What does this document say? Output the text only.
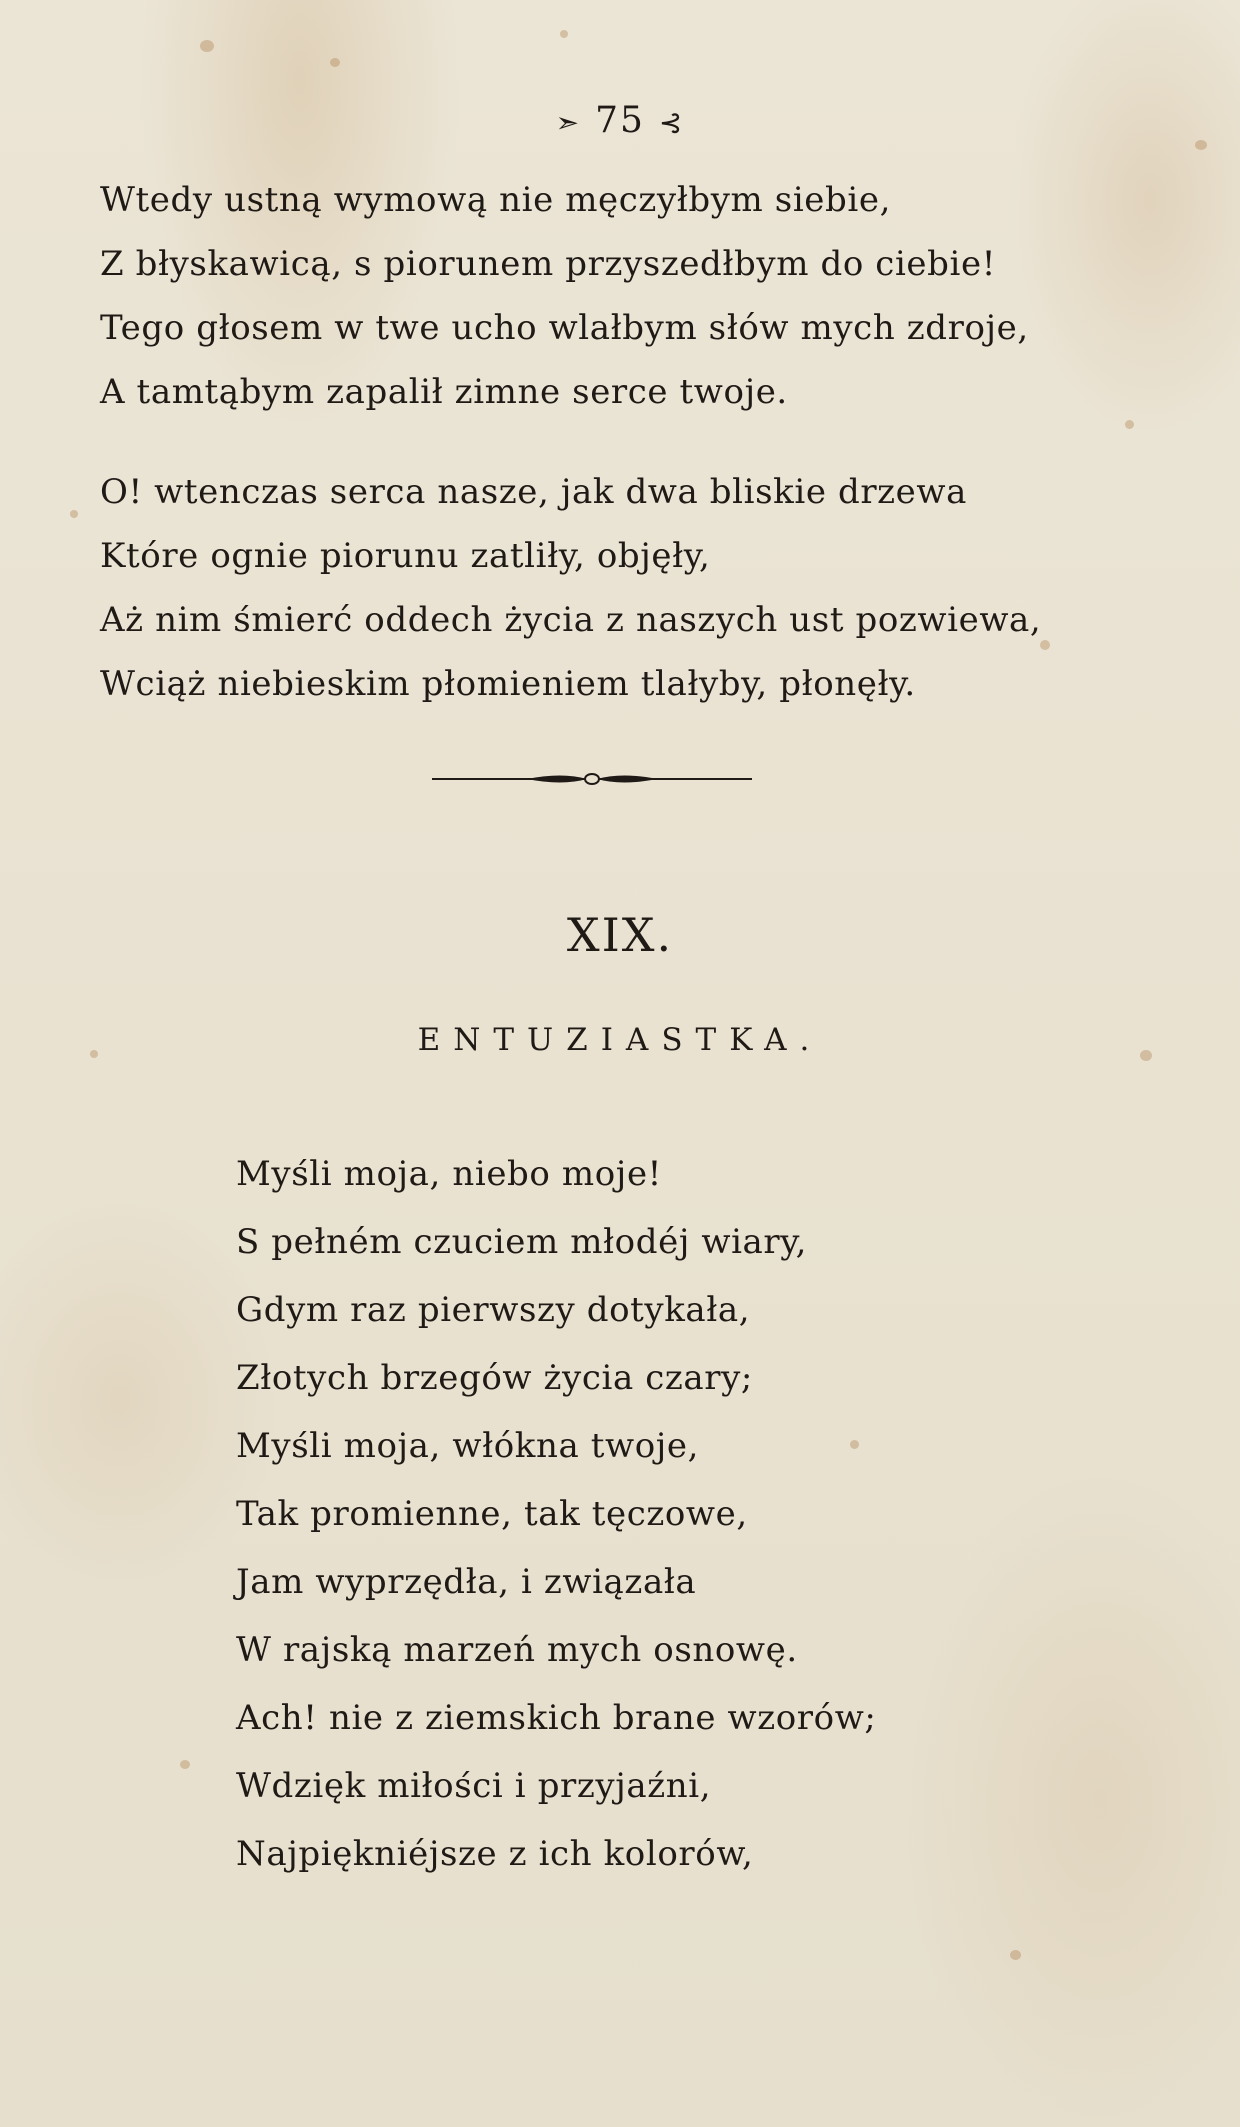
➣ 75 ⊰
Wtedy ustną wymową nie męczyłbym siebie,
Z błyskawicą, s piorunem przyszedłbym do ciebie!
Tego głosem w twe ucho wlałbym słów mych zdroje,
A tamtąbym zapalił zimne serce twoje.
O! wtenczas serca nasze, jak dwa bliskie drzewa
Które ognie piorunu zatliły, objęły,
Aż nim śmierć oddech życia z naszych ust pozwiewa,
Wciąż niebieskim płomieniem tlałyby, płonęły.
XIX.
ENTUZIASTKA.
Myśli moja, niebo moje!
S pełném czuciem młodéj wiary,
Gdym raz pierwszy dotykała,
Złotych brzegów życia czary;
Myśli moja, włókna twoje,
Tak promienne, tak tęczowe,
Jam wyprzędła, i związała
W rajską marzeń mych osnowę.
Ach! nie z ziemskich brane wzorów;
Wdzięk miłości i przyjaźni,
Najpiękniéjsze z ich kolorów,
